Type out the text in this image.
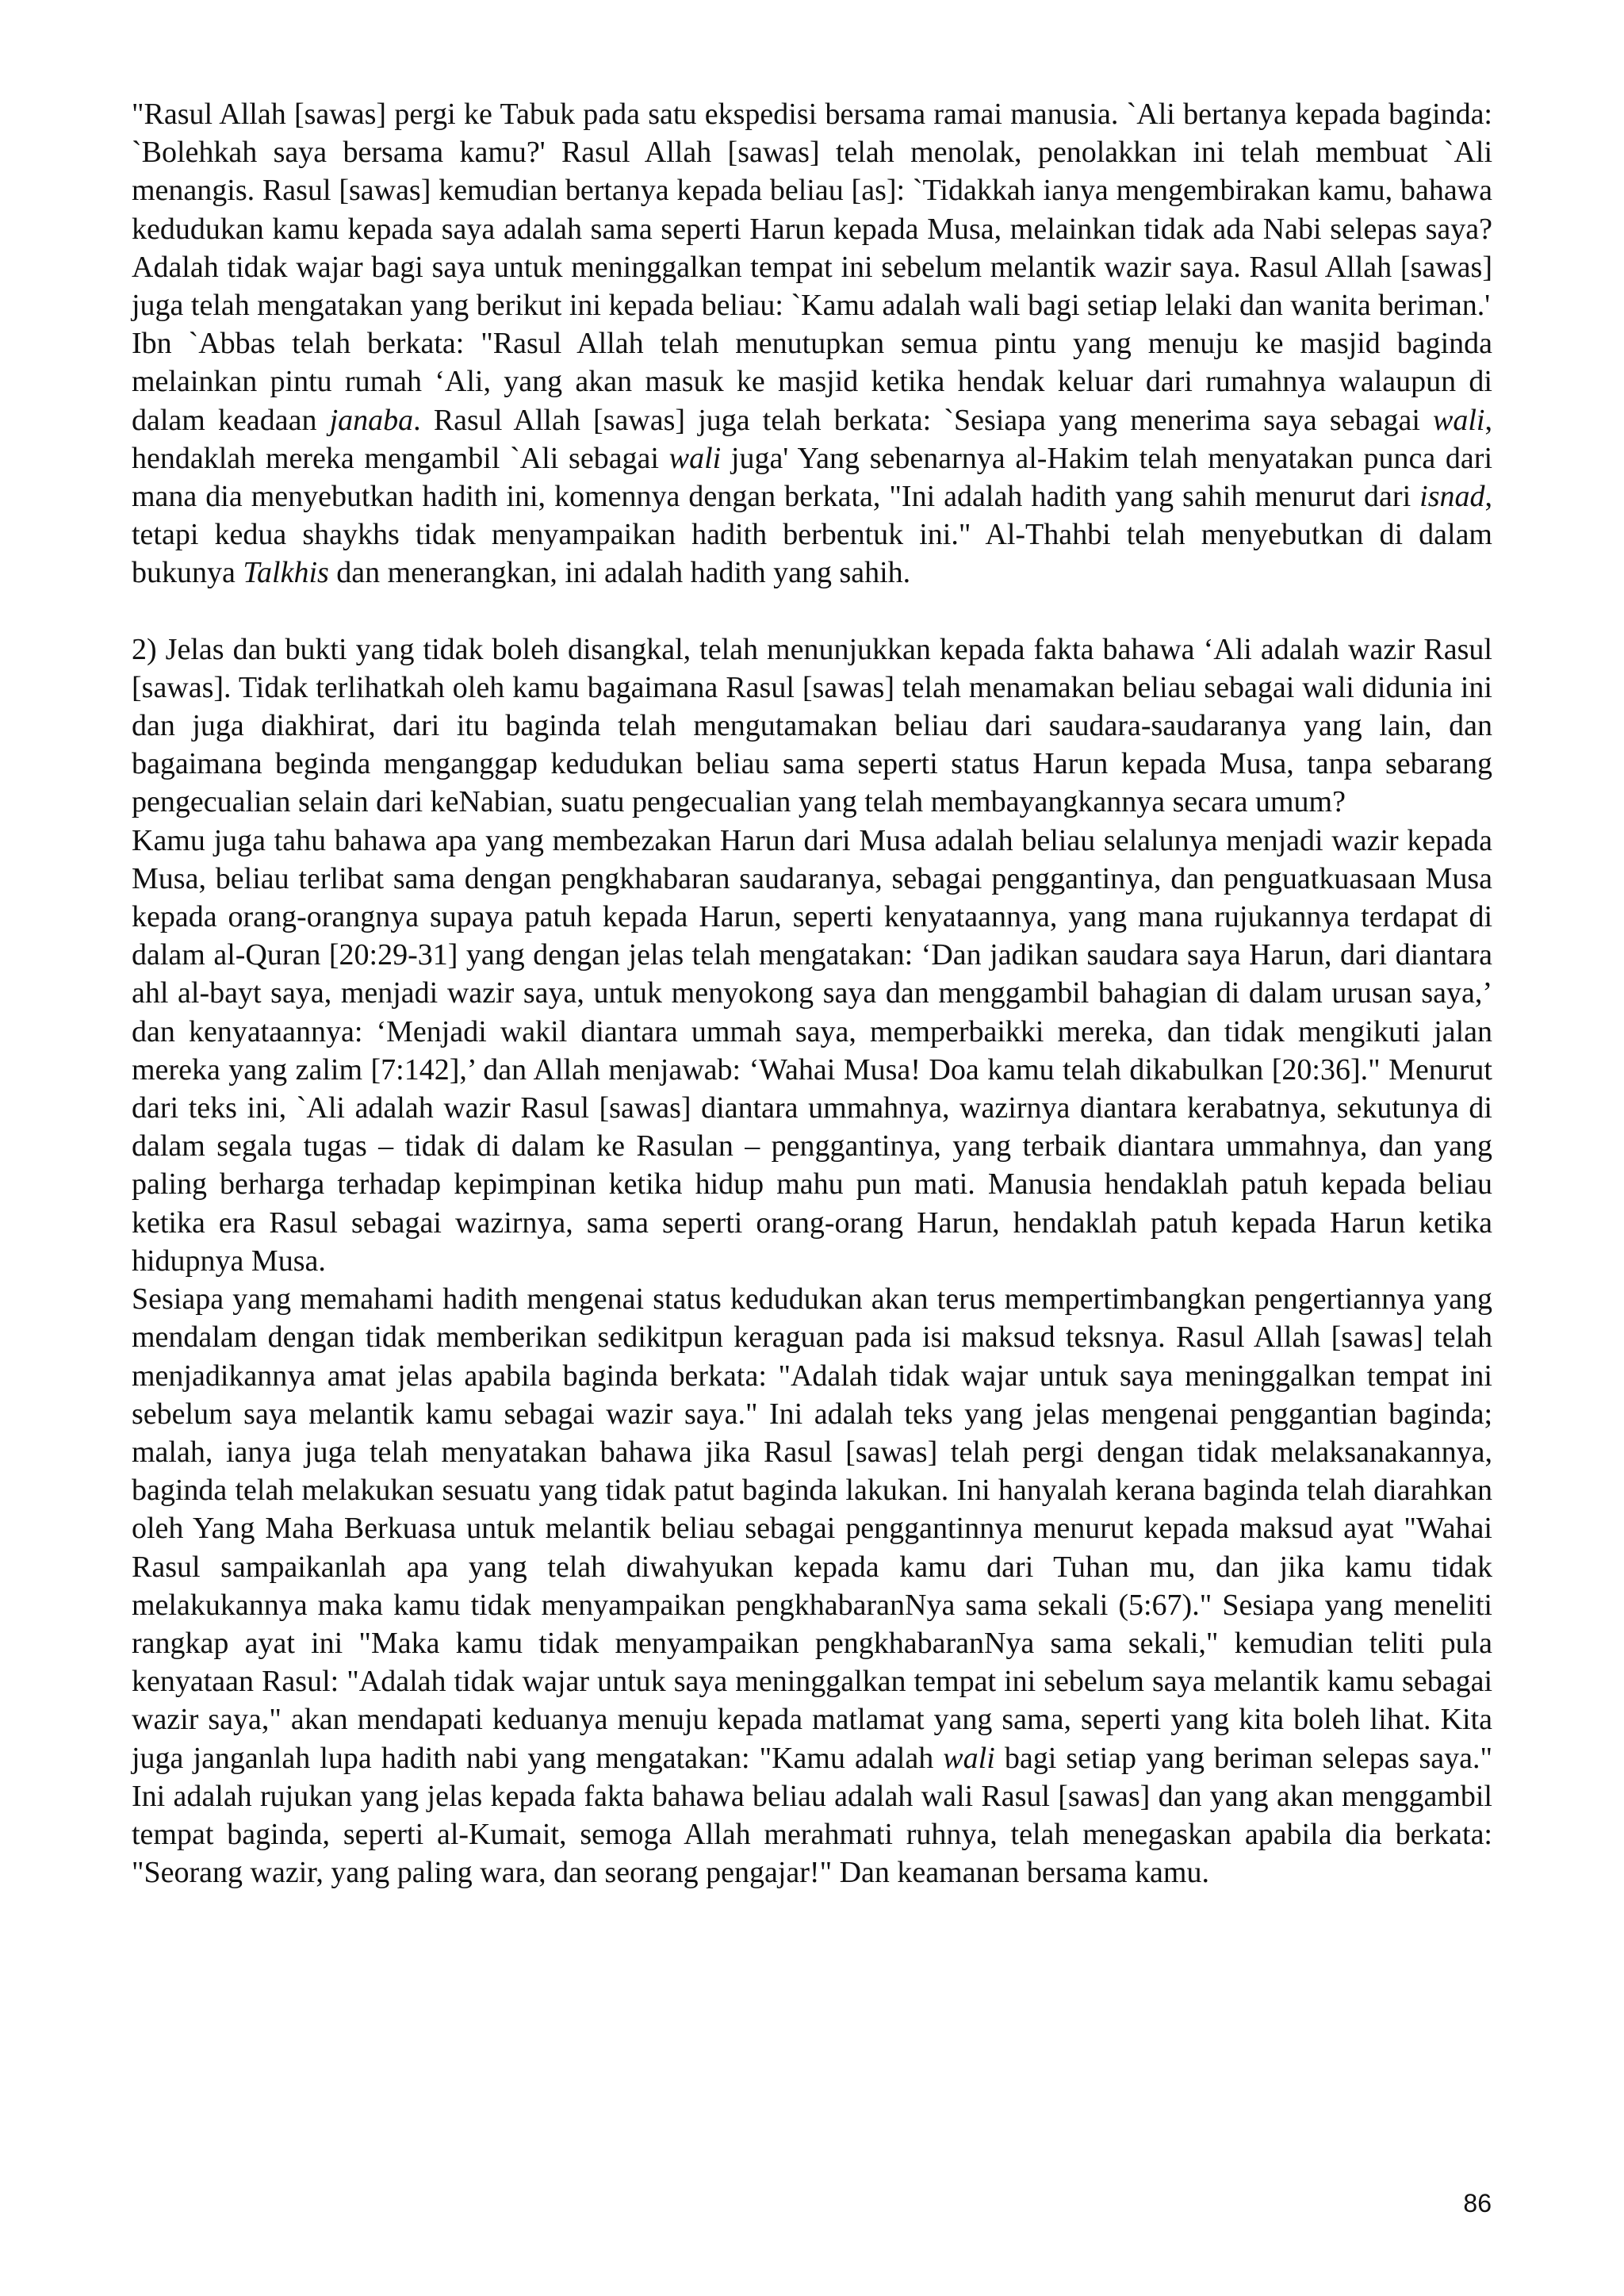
"Rasul Allah [sawas] pergi ke Tabuk pada satu ekspedisi bersama ramai manusia. `Ali bertanya kepada baginda: `Bolehkah saya bersama kamu?' Rasul Allah [sawas] telah menolak, penolakkan ini telah membuat `Ali menangis. Rasul [sawas] kemudian bertanya kepada beliau [as]: `Tidakkah ianya mengembirakan kamu, bahawa kedudukan kamu kepada saya adalah sama seperti Harun kepada Musa, melainkan tidak ada Nabi selepas saya? Adalah tidak wajar bagi saya untuk meninggalkan tempat ini sebelum melantik wazir saya. Rasul Allah [sawas] juga telah mengatakan yang berikut ini kepada beliau: `Kamu adalah wali bagi setiap lelaki dan wanita beriman.'

Ibn `Abbas telah berkata: "Rasul Allah telah menutupkan semua pintu yang menuju ke masjid baginda melainkan pintu rumah ‘Ali, yang akan masuk ke masjid ketika hendak keluar dari rumahnya walaupun di dalam keadaan janaba. Rasul Allah [sawas] juga telah berkata: `Sesiapa yang menerima saya sebagai wali, hendaklah mereka mengambil `Ali sebagai wali juga' Yang sebenarnya al-Hakim telah menyatakan punca dari mana dia menyebutkan hadith ini, komennya dengan berkata, "Ini adalah hadith yang sahih menurut dari isnad, tetapi kedua shaykhs tidak menyampaikan hadith berbentuk ini." Al-Thahbi telah menyebutkan di dalam bukunya Talkhis dan menerangkan, ini adalah hadith yang sahih.

2) Jelas dan bukti yang tidak boleh disangkal, telah menunjukkan kepada fakta bahawa ‘Ali adalah wazir Rasul [sawas]. Tidak terlihatkah oleh kamu bagaimana Rasul [sawas] telah menamakan beliau sebagai wali didunia ini dan juga diakhirat, dari itu baginda telah mengutamakan beliau dari saudara-saudaranya yang lain, dan bagaimana beginda menganggap kedudukan beliau sama seperti status Harun kepada Musa, tanpa sebarang pengecualian selain dari keNabian, suatu pengecualian yang telah membayangkannya secara umum?

Kamu juga tahu bahawa apa yang membezakan Harun dari Musa adalah beliau selalunya menjadi wazir kepada Musa, beliau terlibat sama dengan pengkhabaran saudaranya, sebagai penggantinya, dan penguatkuasaan Musa kepada orang-orangnya supaya patuh kepada Harun, seperti kenyataannya, yang mana rujukannya terdapat di dalam al-Quran [20:29-31] yang dengan jelas telah mengatakan: ‘Dan jadikan saudara saya Harun, dari diantara ahl al-bayt saya, menjadi wazir saya, untuk menyokong saya dan menggambil bahagian di dalam urusan saya,’ dan kenyataannya: ‘Menjadi wakil diantara ummah saya, memperbaikki mereka, dan tidak mengikuti jalan mereka yang zalim [7:142],’ dan Allah menjawab: ‘Wahai Musa! Doa kamu telah dikabulkan [20:36]." Menurut dari teks ini, `Ali adalah wazir Rasul [sawas] diantara ummahnya, wazirnya diantara kerabatnya, sekutunya di dalam segala tugas – tidak di dalam ke Rasulan – penggantinya, yang terbaik diantara ummahnya, dan yang paling berharga terhadap kepimpinan ketika hidup mahu pun mati. Manusia hendaklah patuh kepada beliau ketika era Rasul sebagai wazirnya, sama seperti orang-orang Harun, hendaklah patuh kepada Harun ketika hidupnya Musa.

Sesiapa yang memahami hadith mengenai status kedudukan akan terus mempertimbangkan pengertiannya yang mendalam dengan tidak memberikan sedikitpun keraguan pada isi maksud teksnya. Rasul Allah [sawas] telah menjadikannya amat jelas apabila baginda berkata: "Adalah tidak wajar untuk saya meninggalkan tempat ini sebelum saya melantik kamu sebagai wazir saya." Ini adalah teks yang jelas mengenai penggantian baginda; malah, ianya juga telah menyatakan bahawa jika Rasul [sawas] telah pergi dengan tidak melaksanakannya, baginda telah melakukan sesuatu yang tidak patut baginda lakukan. Ini hanyalah kerana baginda telah diarahkan oleh Yang Maha Berkuasa untuk melantik beliau sebagai penggantinnya menurut kepada maksud ayat "Wahai Rasul sampaikanlah apa yang telah diwahyukan kepada kamu dari Tuhan mu, dan jika kamu tidak melakukannya maka kamu tidak menyampaikan pengkhabaranNya sama sekali (5:67)." Sesiapa yang meneliti rangkap ayat ini "Maka kamu tidak menyampaikan pengkhabaranNya sama sekali," kemudian teliti pula kenyataan Rasul: "Adalah tidak wajar untuk saya meninggalkan tempat ini sebelum saya melantik kamu sebagai wazir saya," akan mendapati keduanya menuju kepada matlamat yang sama, seperti yang kita boleh lihat. Kita juga janganlah lupa hadith nabi yang mengatakan: "Kamu adalah wali bagi setiap yang beriman selepas saya." Ini adalah rujukan yang jelas kepada fakta bahawa beliau adalah wali Rasul [sawas] dan yang akan menggambil tempat baginda, seperti al-Kumait, semoga Allah merahmati ruhnya, telah menegaskan apabila dia berkata: "Seorang wazir, yang paling wara, dan seorang pengajar!" Dan keamanan bersama kamu.

86
